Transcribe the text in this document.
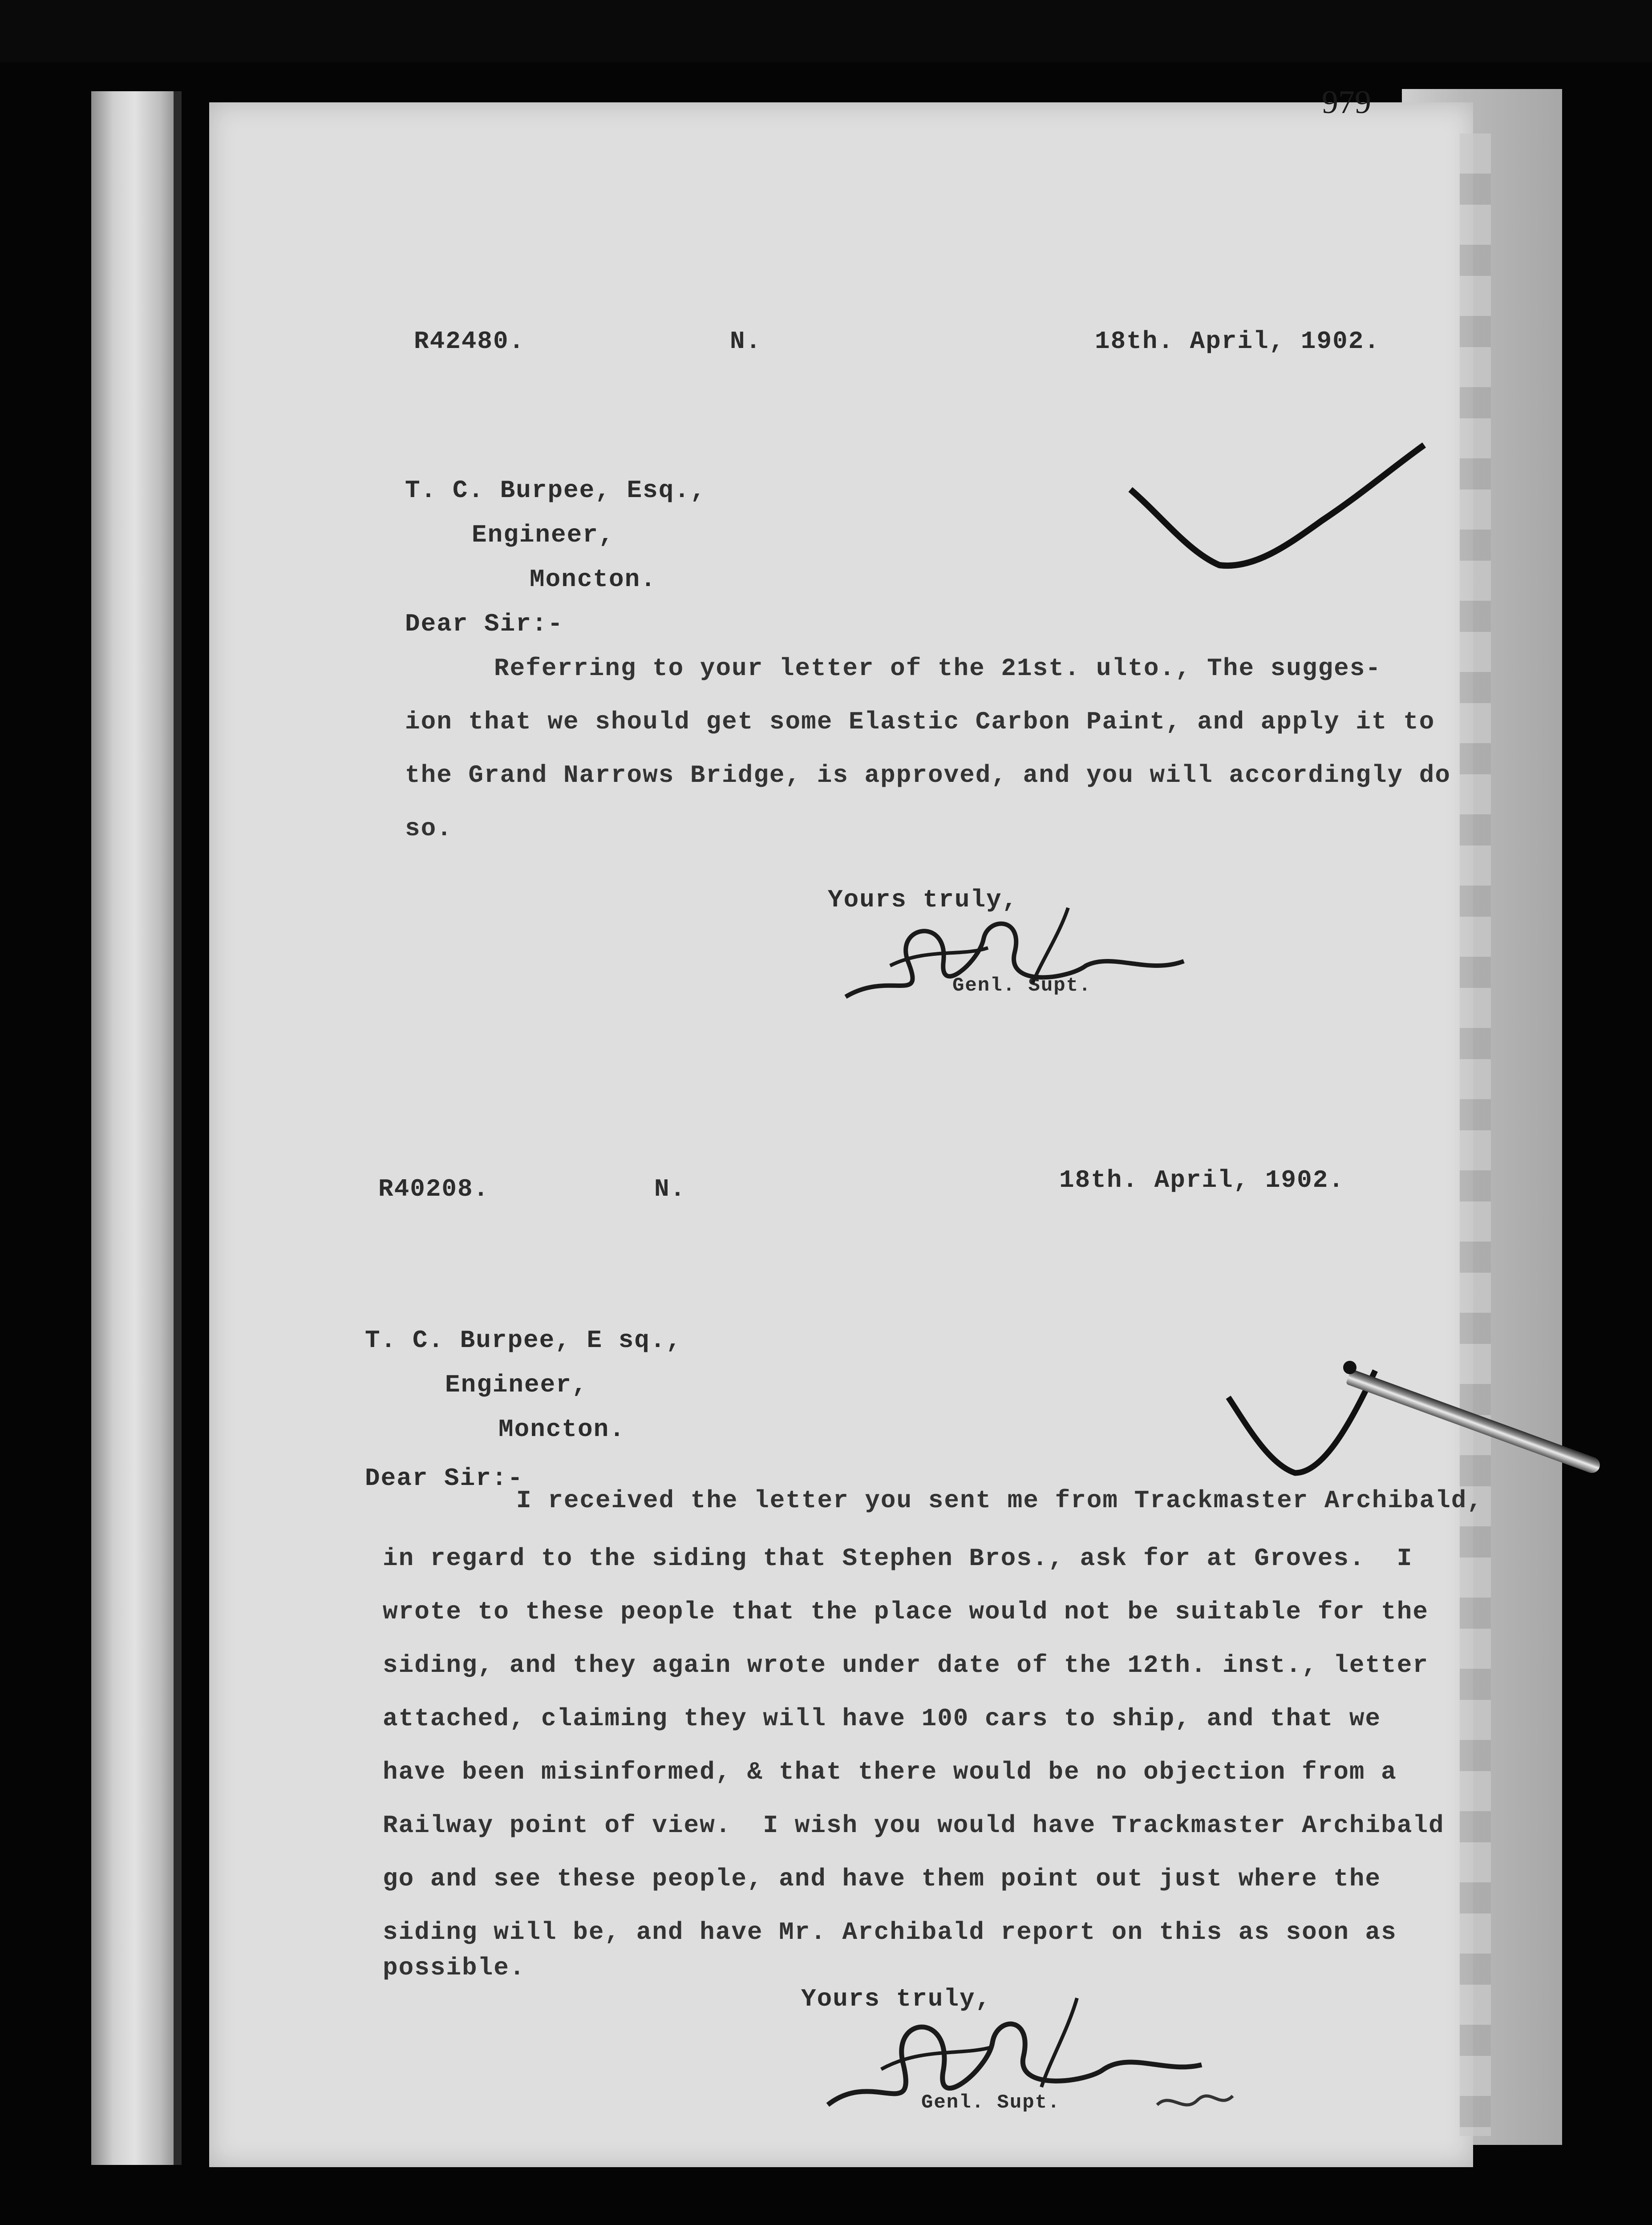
979
R42480.	N.	18th. April, 1902.
T. C. Burpee, Esq.,
Engineer,
Moncton.
Dear Sir:-
Referring to your letter of the 21st. ulto., The sugges-
ion that we should get some Elastic Carbon Paint, and apply it to
the Grand Narrows Bridge, is approved, and you will accordingly do
so.
Yours truly,
Genl. Supt.
R40208.	N.	18th. April, 1902.
T. C. Burpee, E sq.,
Engineer,
Moncton.
Dear Sir:-
I received the letter you sent me from Trackmaster Archibald,
in regard to the siding that Stephen Bros., ask for at Groves.  I
wrote to these people that the place would not be suitable for the
siding, and they again wrote under date of the 12th. inst., letter
attached, claiming they will have 100 cars to ship, and that we
have been misinformed, & that there would be no objection from a
Railway point of view.  I wish you would have Trackmaster Archibald
go and see these people, and have them point out just where the
siding will be, and have Mr. Archibald report on this as soon as
possible.
Yours truly,
Genl. Supt.
